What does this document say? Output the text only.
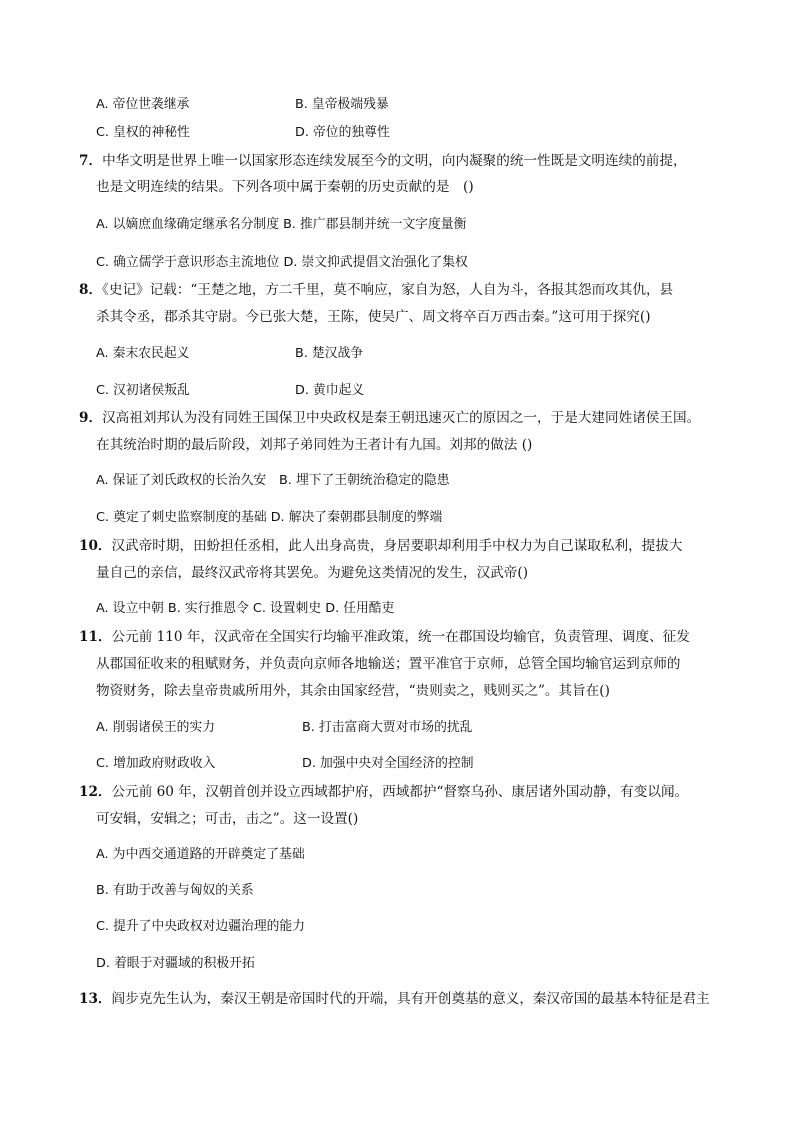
A. 帝位世袭继承	B. 皇帝极端残暴
C. 皇权的神秘性	D. 帝位的独尊性
7．中华文明是世界上唯一以国家形态连续发展至今的文明，向内凝聚的统一性既是文明连续的前提，
也是文明连续的结果。下列各项中属于秦朝的历史贡献的是　()
A. 以嫡庶血缘确定继承名分制度 B. 推广郡县制并统一文字度量衡
C. 确立儒学于意识形态主流地位 D. 崇文抑武提倡文治强化了集权
8．《史记》记载：“王楚之地，方二千里，莫不响应，家自为怒，人自为斗，各报其怨而攻其仇，县
杀其令丞，郡杀其守尉。今已张大楚，王陈，使吴广、周文将卒百万西击秦。”这可用于探究()
A. 秦末农民起义	B. 楚汉战争
C. 汉初诸侯叛乱	D. 黄巾起义
9．汉高祖刘邦认为没有同姓王国保卫中央政权是秦王朝迅速灭亡的原因之一，于是大建同姓诸侯王国。
在其统治时期的最后阶段，刘邦子弟同姓为王者计有九国。刘邦的做法 ()
A. 保证了刘氏政权的长治久安　B. 埋下了王朝统治稳定的隐患
C. 奠定了刺史监察制度的基础 D. 解决了秦朝郡县制度的弊端
10．汉武帝时期，田蚡担任丞相，此人出身高贵，身居要职却利用手中权力为自己谋取私利，提拔大
量自己的亲信，最终汉武帝将其罢免。为避免这类情况的发生，汉武帝()
A. 设立中朝 B. 实行推恩令 C. 设置刺史 D. 任用酷吏
11．公元前 110 年，汉武帝在全国实行均输平准政策，统一在郡国设均输官，负责管理、调度、征发
从郡国征收来的租赋财务，并负责向京师各地输送；置平准官于京师，总管全国均输官运到京师的
物资财务，除去皇帝贵戚所用外，其余由国家经营，“贵则卖之，贱则买之”。其旨在()
A. 削弱诸侯王的实力	B. 打击富商大贾对市场的扰乱
C. 增加政府财政收入	D. 加强中央对全国经济的控制
12．公元前 60 年，汉朝首创并设立西域都护府，西域都护“督察乌孙、康居诸外国动静，有变以闻。
可安辑，安辑之；可击，击之”。这一设置()
A. 为中西交通道路的开辟奠定了基础
B. 有助于改善与匈奴的关系
C. 提升了中央政权对边疆治理的能力
D. 着眼于对疆域的积极开拓
13．阎步克先生认为，秦汉王朝是帝国时代的开端，具有开创奠基的意义，秦汉帝国的最基本特征是君主
